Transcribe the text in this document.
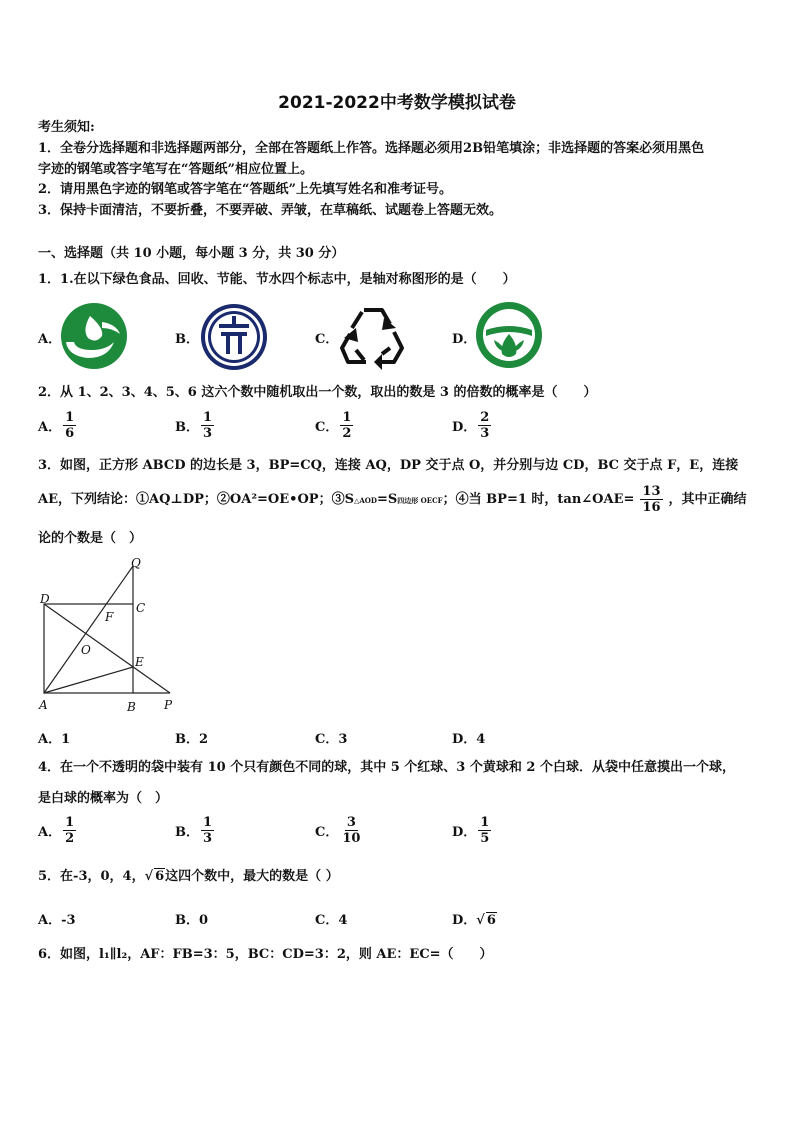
2021-2022中考数学模拟试卷
考生须知:
1．全卷分选择题和非选择题两部分，全部在答题纸上作答。选择题必须用2B铅笔填涂；非选择题的答案必须用黑色
字迹的钢笔或答字笔写在“答题纸”相应位置上。
2．请用黑色字迹的钢笔或答字笔在“答题纸”上先填写姓名和准考证号。
3．保持卡面清洁，不要折叠，不要弄破、弄皱，在草稿纸、试题卷上答题无效。
一、选择题（共 10 小题，每小题 3 分，共 30 分）
1．1.在以下绿色食品、回收、节能、节水四个标志中，是轴对称图形的是（　　）
A．	B．	C．	D．
2．从 1、2、3、4、5、6 这六个数中随机取出一个数，取出的数是 3 的倍数的概率是（　　）
A． $\frac{1}{6}$	B． $\frac{1}{3}$	C． $\frac{1}{2}$	D． $\frac{2}{3}$
3．如图，正方形 ABCD 的边长是 3，BP=CQ，连接 AQ，DP 交于点 O，并分别与边 CD，BC 交于点 F，E，连接
AE，下列结论：①AQ⊥DP；②OA²=OE•OP；③S△AOD=S四边形 OECF；④当 BP=1 时，tan∠OAE= $\frac{13}{16}$ ，其中正确结
论的个数是（　）
Q
D
C
F
O
E
A	B P
A．1	B．2	C．3	D．4
4．在一个不透明的袋中装有 10 个只有颜色不同的球，其中 5 个红球、3 个黄球和 2 个白球．从袋中任意摸出一个球，
是白球的概率为（　）
A． $\frac{1}{2}$	B． $\frac{1}{3}$	C． $\frac{3}{10}$	D． $\frac{1}{5}$
5．在-3，0，4，√ 6这四个数中，最大的数是（ ）
A．-3	B．0	C．4	D．√ 6
6．如图，l₁∥l₂，AF：FB=3：5，BC：CD=3：2，则 AE：EC=（　　）
